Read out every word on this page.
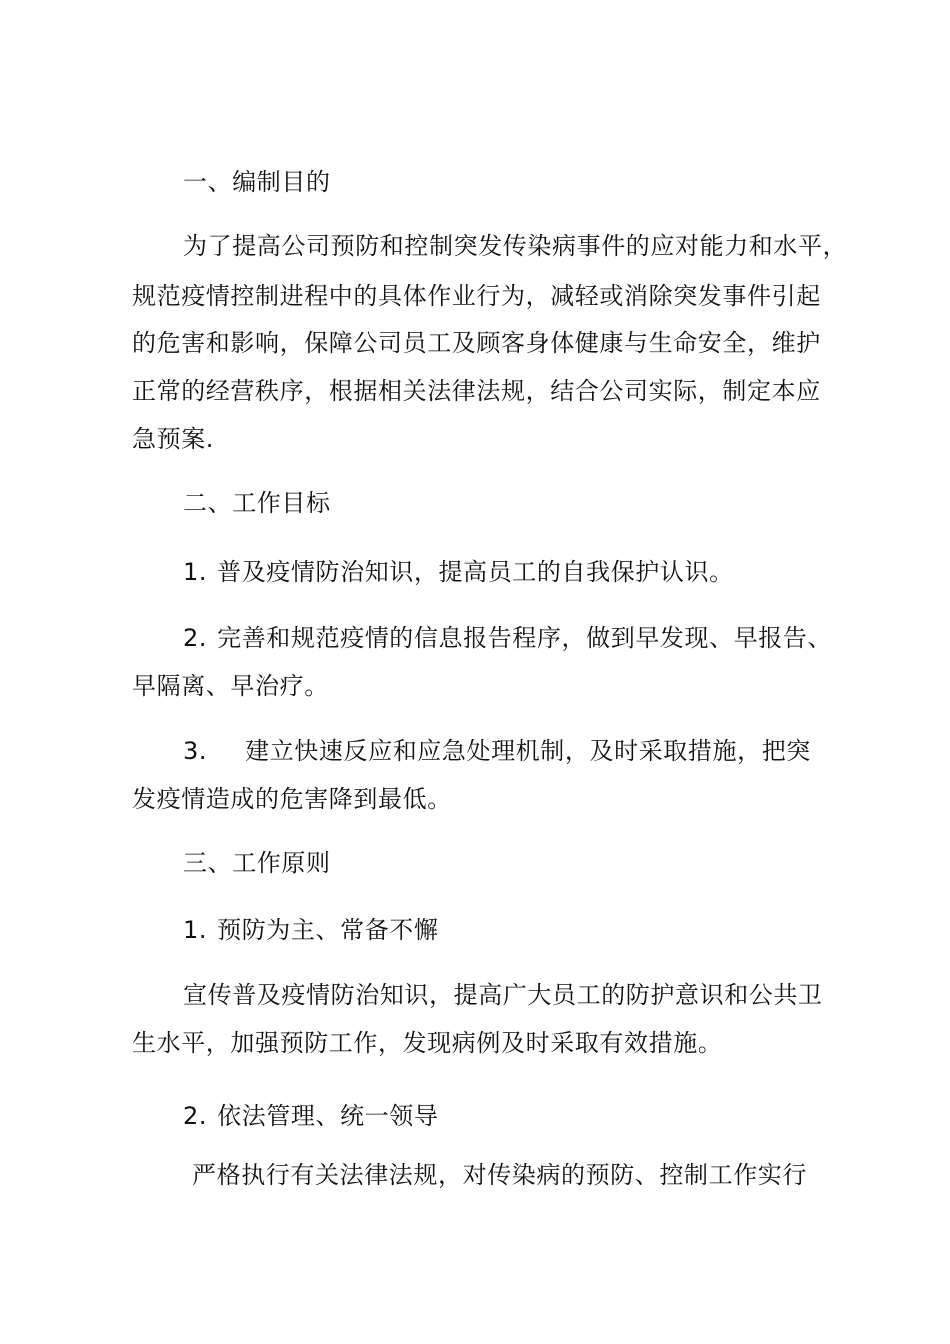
一、编制目的
为了提高公司预防和控制突发传染病事件的应对能力和水平，
规范疫情控制进程中的具体作业行为，减轻或消除突发事件引起
的危害和影响，保障公司员工及顾客身体健康与生命安全，维护
正常的经营秩序，根据相关法律法规，结合公司实际，制定本应
急预案.
二、工作目标
1. 普及疫情防治知识，提高员工的自我保护认识。
2. 完善和规范疫情的信息报告程序，做到早发现、早报告、
早隔离、早治疗。
3. 建立快速反应和应急处理机制，及时采取措施，把突
发疫情造成的危害降到最低。
三、工作原则
1. 预防为主、常备不懈
宣传普及疫情防治知识，提高广大员工的防护意识和公共卫
生水平，加强预防工作，发现病例及时采取有效措施。
2. 依法管理、统一领导
严格执行有关法律法规，对传染病的预防、控制工作实行
